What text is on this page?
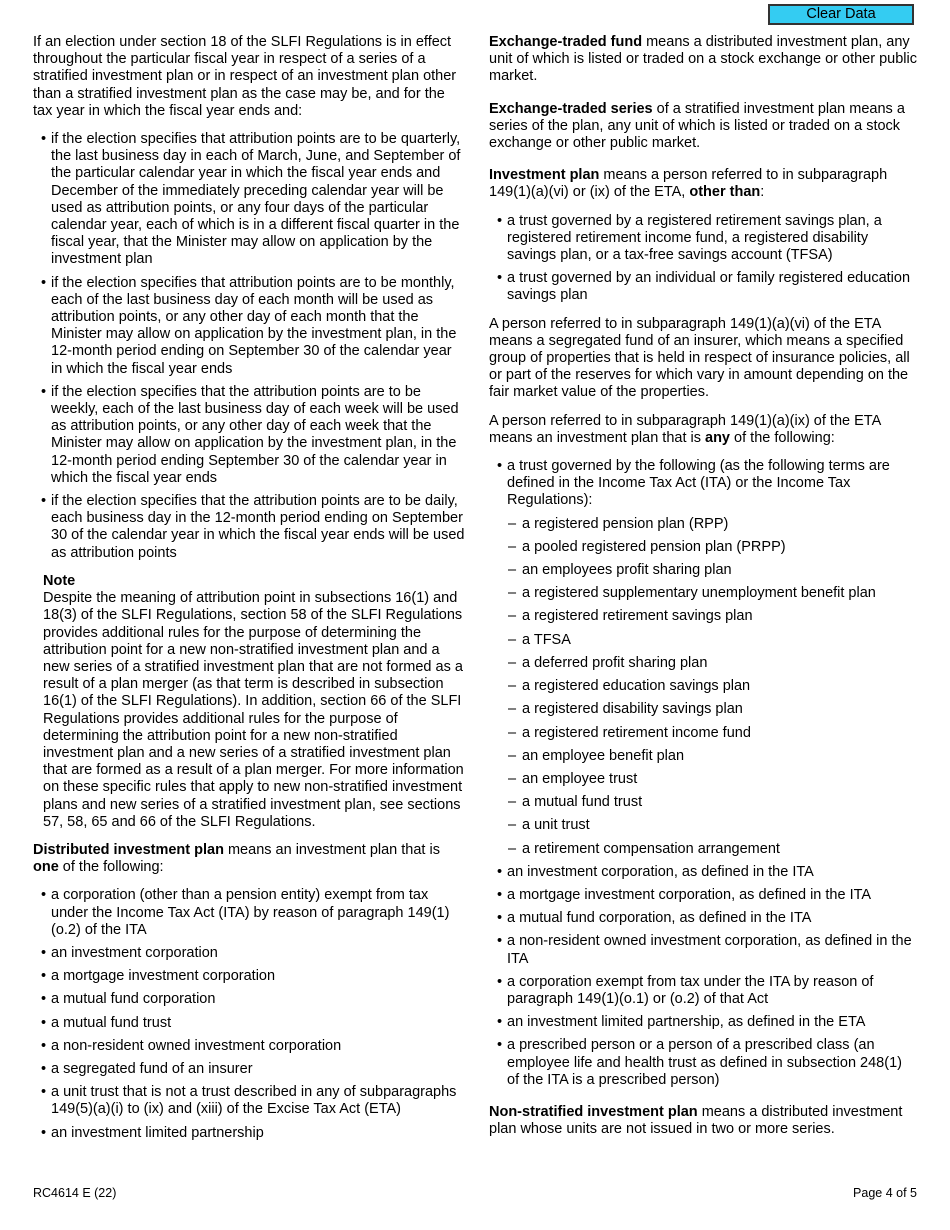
Clear Data

If an election under section 18 of the SLFI Regulations is in effect throughout the particular fiscal year in respect of a series of a stratified investment plan or in respect of an investment plan other than a stratified investment plan as the case may be, and for the tax year in which the fiscal year ends and:

• if the election specifies that attribution points are to be quarterly, the last business day in each of March, June, and September of the particular calendar year in which the fiscal year ends and December of the immediately preceding calendar year will be used as attribution points, or any four days of the particular calendar year, each of which is in a different fiscal quarter in the fiscal year, that the Minister may allow on application by the investment plan
• if the election specifies that attribution points are to be monthly, each of the last business day of each month will be used as attribution points, or any other day of each month that the Minister may allow on application by the investment plan, in the 12-month period ending on September 30 of the calendar year in which the fiscal year ends
• if the election specifies that the attribution points are to be weekly, each of the last business day of each week will be used as attribution points, or any other day of each week that the Minister may allow on application by the investment plan, in the 12-month period ending September 30 of the calendar year in which the fiscal year ends
• if the election specifies that the attribution points are to be daily, each business day in the 12-month period ending on September 30 of the calendar year in which the fiscal year ends will be used as attribution points
Note

Despite the meaning of attribution point in subsections 16(1) and 18(3) of the SLFI Regulations, section 58 of the SLFI Regulations provides additional rules for the purpose of determining the attribution point for a new non-stratified investment plan and a new series of a stratified investment plan that are not formed as a result of a plan merger (as that term is described in subsection 16(1) of the SLFI Regulations). In addition, section 66 of the SLFI Regulations provides additional rules for the purpose of determining the attribution point for a new non-stratified investment plan and a new series of a stratified investment plan that are formed as a result of a plan merger. For more information on these specific rules that apply to new non-stratified investment plans and new series of a stratified investment plan, see sections 57, 58, 65 and 66 of the SLFI Regulations.

Distributed investment plan means an investment plan that is one of the following:

• a corporation (other than a pension entity) exempt from tax under the Income Tax Act (ITA) by reason of paragraph 149(1)(o.2) of the ITA
• an investment corporation
• a mortgage investment corporation
• a mutual fund corporation
• a mutual fund trust
• a non-resident owned investment corporation
• a segregated fund of an insurer
• a unit trust that is not a trust described in any of subparagraphs 149(5)(a)(i) to (ix) and (xiii) of the Excise Tax Act (ETA)
• an investment limited partnership

Exchange-traded fund means a distributed investment plan, any unit of which is listed or traded on a stock exchange or other public market.

Exchange-traded series of a stratified investment plan means a series of the plan, any unit of which is listed or traded on a stock exchange or other public market.

Investment plan means a person referred to in subparagraph 149(1)(a)(vi) or (ix) of the ETA, other than:

• a trust governed by a registered retirement savings plan, a registered retirement income fund, a registered disability savings plan, or a tax-free savings account (TFSA)
• a trust governed by an individual or family registered education savings plan

A person referred to in subparagraph 149(1)(a)(vi) of the ETA means a segregated fund of an insurer, which means a specified group of properties that is held in respect of insurance policies, all or part of the reserves for which vary in amount depending on the fair market value of the properties.

A person referred to in subparagraph 149(1)(a)(ix) of the ETA means an investment plan that is any of the following:

• a trust governed by the following (as the following terms are defined in the Income Tax Act (ITA) or the Income Tax Regulations):
– a registered pension plan (RPP)
– a pooled registered pension plan (PRPP)
– an employees profit sharing plan
– a registered supplementary unemployment benefit plan
– a registered retirement savings plan
– a TFSA
– a deferred profit sharing plan
– a registered education savings plan
– a registered disability savings plan
– a registered retirement income fund
– an employee benefit plan
– an employee trust
– a mutual fund trust
– a unit trust
– a retirement compensation arrangement
• an investment corporation, as defined in the ITA
• a mortgage investment corporation, as defined in the ITA
• a mutual fund corporation, as defined in the ITA
• a non-resident owned investment corporation, as defined in the ITA
• a corporation exempt from tax under the ITA by reason of paragraph 149(1)(o.1) or (o.2) of that Act
• an investment limited partnership, as defined in the ETA
• a prescribed person or a person of a prescribed class (an employee life and health trust as defined in subsection 248(1) of the ITA is a prescribed person)

Non-stratified investment plan means a distributed investment plan whose units are not issued in two or more series.

RC4614 E (22)	Page 4 of 5
